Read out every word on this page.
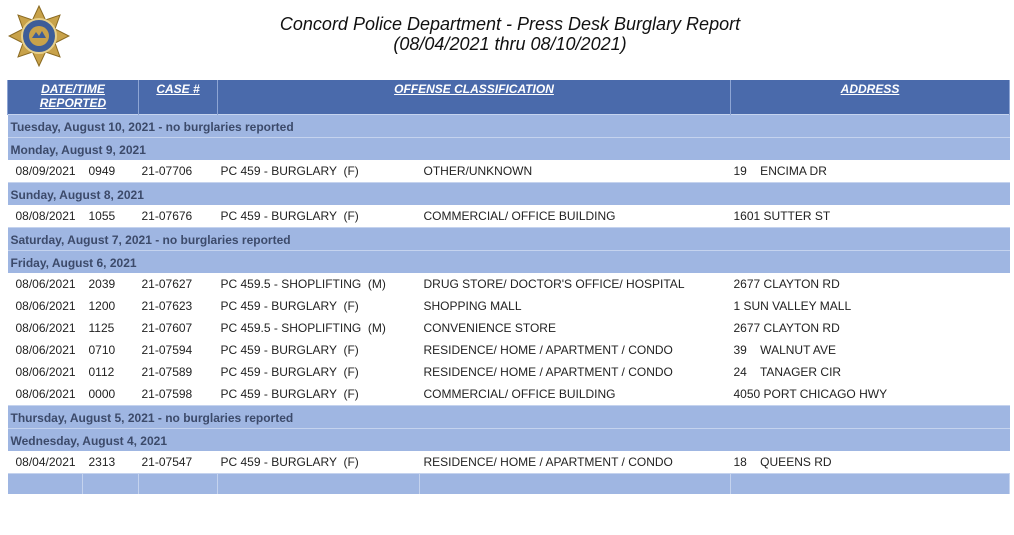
Concord Police Department - Press Desk Burglary Report
(08/04/2021 thru 08/10/2021)
DATE/TIME
REPORTED		CASE #	OFFENSE CLASSIFICATION		ADDRESS
Tuesday, August 10, 2021 - no burglaries reported					
Monday, August 9, 2021					
08/09/2021	0949	21-07706	PC 459 - BURGLARY  (F)	OTHER/UNKNOWN	19    ENCIMA DR
Sunday, August 8, 2021					
08/08/2021	1055	21-07676	PC 459 - BURGLARY  (F)	COMMERCIAL/ OFFICE BUILDING	1601 SUTTER ST
Saturday, August 7, 2021 - no burglaries reported					
Friday, August 6, 2021					
08/06/2021	2039	21-07627	PC 459.5 - SHOPLIFTING  (M)	DRUG STORE/ DOCTOR'S OFFICE/ HOSPITAL	2677 CLAYTON RD
08/06/2021	1200	21-07623	PC 459 - BURGLARY  (F)	SHOPPING MALL	1 SUN VALLEY MALL
08/06/2021	1125	21-07607	PC 459.5 - SHOPLIFTING  (M)	CONVENIENCE STORE	2677 CLAYTON RD
08/06/2021	0710	21-07594	PC 459 - BURGLARY  (F)	RESIDENCE/ HOME / APARTMENT / CONDO	39    WALNUT AVE
08/06/2021	0112	21-07589	PC 459 - BURGLARY  (F)	RESIDENCE/ HOME / APARTMENT / CONDO	24    TANAGER CIR
08/06/2021	0000	21-07598	PC 459 - BURGLARY  (F)	COMMERCIAL/ OFFICE BUILDING	4050 PORT CHICAGO HWY
Thursday, August 5, 2021 - no burglaries reported					
Wednesday, August 4, 2021					
08/04/2021	2313	21-07547	PC 459 - BURGLARY  (F)	RESIDENCE/ HOME / APARTMENT / CONDO	18    QUEENS RD
